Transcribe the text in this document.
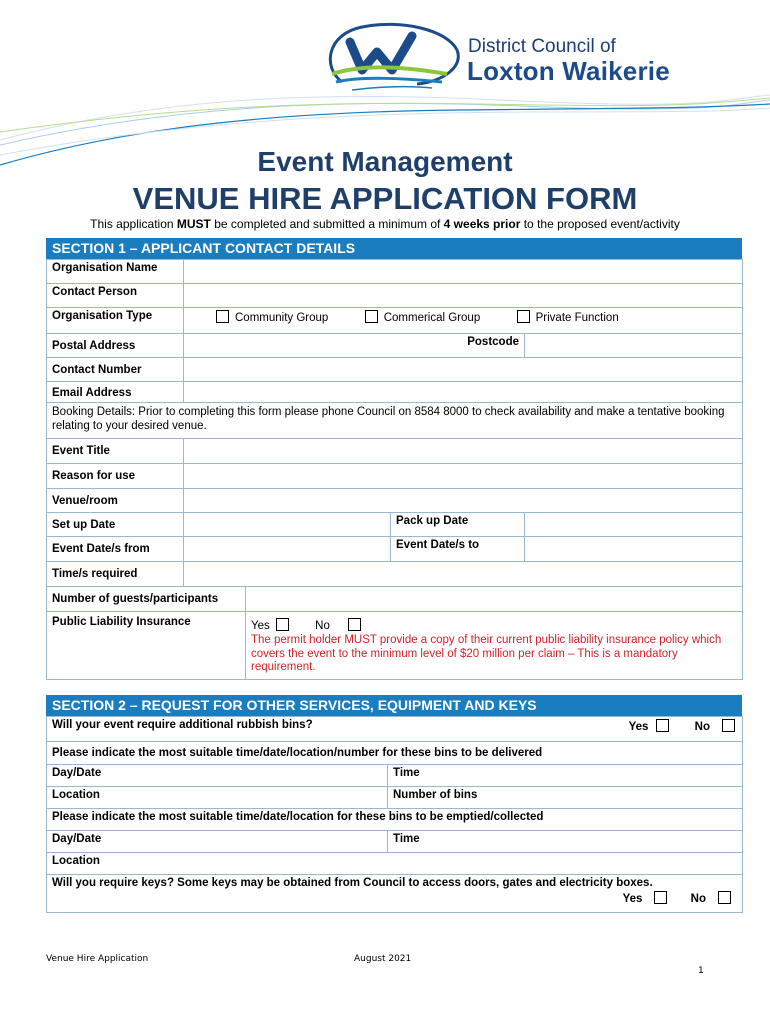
District Council of
Loxton Waikerie
Event Management
VENUE HIRE APPLICATION FORM
This application MUST be completed and submitted a minimum of 4 weeks prior to the proposed event/activity
SECTION 1 – APPLICANT CONTACT DETAILS
Organisation Name				
Contact Person				
Organisation Type	Community Group Commerical Group Private Function			
Postal Address			Postcode	
Contact Number				
Email Address				
Booking Details: Prior to completing this form please phone Council on 8584 8000 to check availability and make a tentative booking relating to your desired venue.				
Event Title				
Reason for use				
Venue/room				
Set up Date			Pack up Date	
Event Date/s from			Event Date/s to	
Time/s required				
Number of guests/participants				
Public Liability Insurance		Yes No
The permit holder MUST provide a copy of their current public liability insurance policy which covers the event to the minimum level of $20 million per claim – This is a mandatory requirement.		
SECTION 2 – REQUEST FOR OTHER SERVICES, EQUIPMENT AND KEYS
Will your event require additional rubbish bins? Yes No	

Please indicate the most suitable time/date/location/number for these bins to be delivered	
Day/Date	Time
Location	Number of bins
Please indicate the most suitable time/date/location for these bins to be emptied/collected	
Day/Date	Time
Location	

Will you require keys? Some keys may be obtained from Council to access doors, gates and electricity boxes.
Yes No	
Venue Hire Application	August 2021
1
